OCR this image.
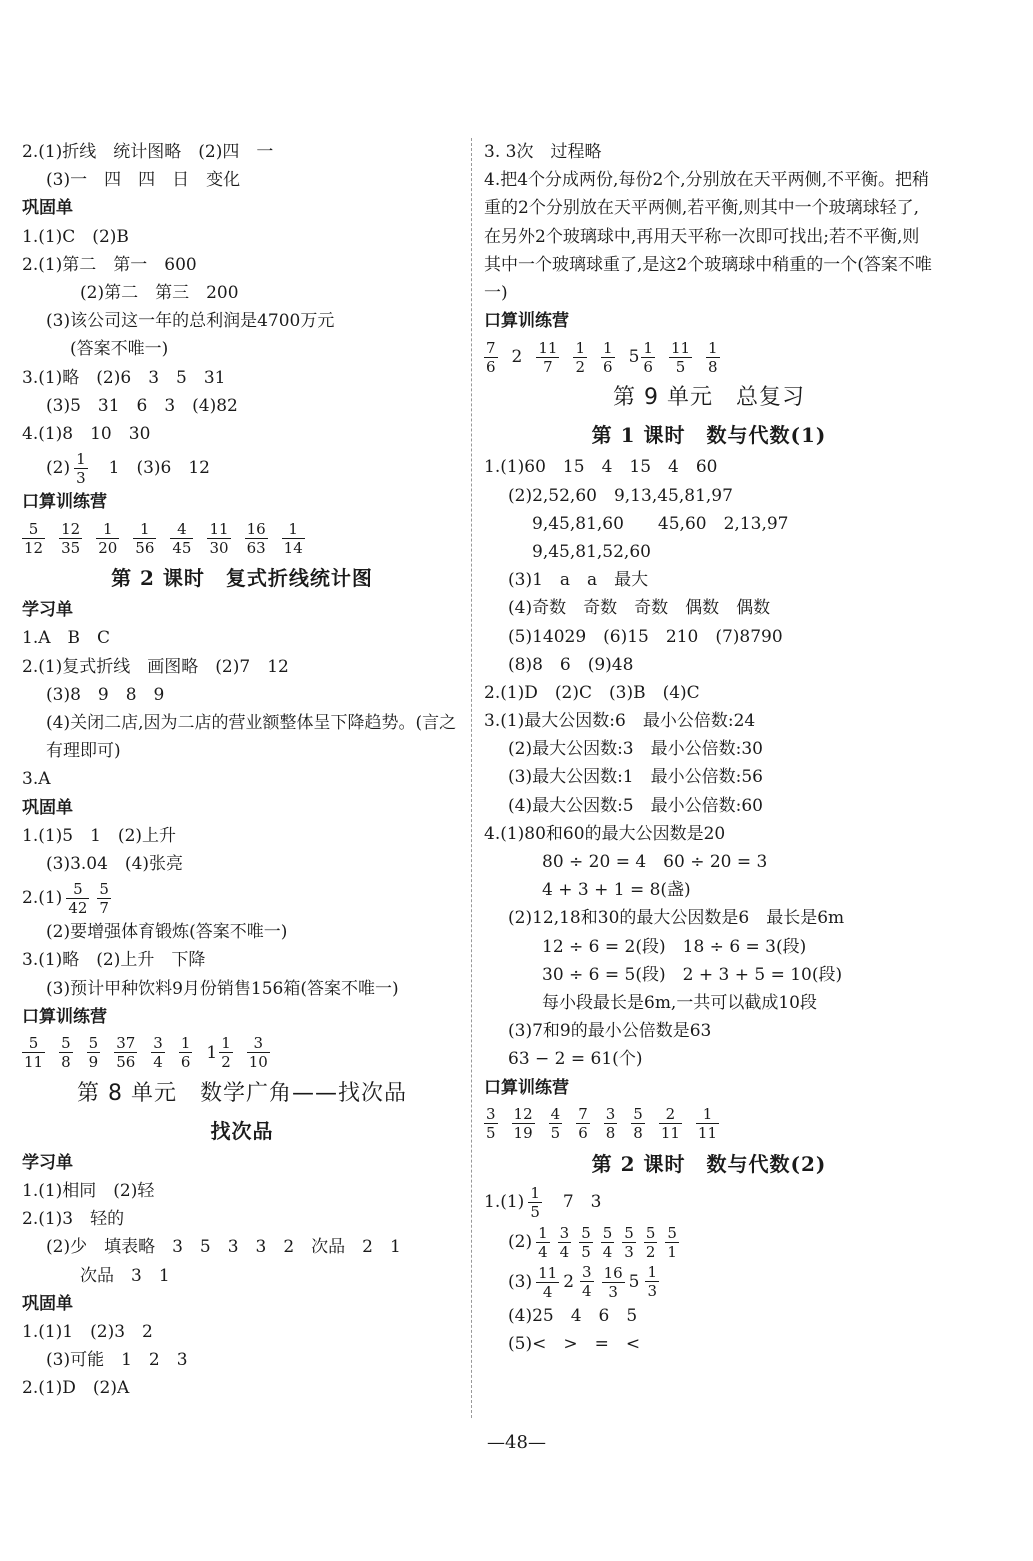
2.(1)折线　统计图略　(2)四　一
(3)一　四　四　日　变化
巩固单
1.(1)C　(2)B
2.(1)第二　第一　600
(2)第二　第三　200
(3)该公司这一年的总利润是4700万元
(答案不唯一)
3.(1)略　(2)6　3　5　31
(3)5　31　6　3　(4)82
4.(1)8　10　30
$(2) \frac{1}{3}$ 　1　(3)6　12
口算训练营
$\frac{5}{12} \frac{12}{35} \frac{1}{20} \frac{1}{56} \frac{4}{45} \frac{11}{30} \frac{16}{63} \frac{1}{14}$
第 2 课时　复式折线统计图
学习单
1.A　B　C
2.(1)复式折线　画图略　(2)7　12
(3)8　9　8　9
(4)关闭二店,因为二店的营业额整体呈下降趋势。(言之有理即可)
3.A
巩固单
1.(1)5　1　(2)上升
(3)3.04　(4)张亮
$2.(1) \frac{5}{42} \frac{5}{7}$
(2)要增强体育锻炼(答案不唯一)
3.(1)略　(2)上升　下降
(3)预计甲种饮料9月份销售156箱(答案不唯一)
口算训练营
$\frac{5}{11} \frac{5}{8} \frac{5}{9} \frac{37}{56} \frac{3}{4} \frac{1}{6} 1 \frac{1}{2} \frac{3}{10}$
第 8 单元　数学广角——找次品
找次品
学习单
1.(1)相同　(2)轻
2.(1)3　轻的
(2)少　填表略　3　5　3　3　2　次品　2　1
次品　3　1
巩固单
1.(1)1　(2)3　2
(3)可能　1　2　3
2.(1)D　(2)A
3. 3次　过程略
4.把4个分成两份,每份2个,分别放在天平两侧,不平衡。把稍重的2个分别放在天平两侧,若平衡,则其中一个玻璃球轻了,在另外2个玻璃球中,再用天平称一次即可找出;若不平衡,则其中一个玻璃球重了,是这2个玻璃球中稍重的一个(答案不唯一)
口算训练营
$\frac{7}{6} 2 \frac{11}{7} \frac{1}{2} \frac{1}{6} 5 \frac{1}{6} \frac{11}{5} \frac{1}{8}$
第 9 单元　总复习
第 1 课时　数与代数(1)
1.(1)60　15　4　15　4　60
(2)2,52,60　9,13,45,81,97
9,45,81,60　　45,60　2,13,97
9,45,81,52,60
(3)1　a　a　最大
(4)奇数　奇数　奇数　偶数　偶数
(5)14029　(6)15　210　(7)8790
(8)8　6　(9)48
2.(1)D　(2)C　(3)B　(4)C
3.(1)最大公因数:6　最小公倍数:24
(2)最大公因数:3　最小公倍数:30
(3)最大公因数:1　最小公倍数:56
(4)最大公因数:5　最小公倍数:60
4.(1)80和60的最大公因数是20
80 ÷ 20 = 4　60 ÷ 20 = 3
4 + 3 + 1 = 8(盏)
(2)12,18和30的最大公因数是6　最长是6m
12 ÷ 6 = 2(段)　18 ÷ 6 = 3(段)
30 ÷ 6 = 5(段)　2 + 3 + 5 = 10(段)
每小段最长是6m,一共可以截成10段
(3)7和9的最小公倍数是63
63 − 2 = 61(个)
口算训练营
$\frac{3}{5} \frac{12}{19} \frac{4}{5} \frac{7}{6} \frac{3}{8} \frac{5}{8} \frac{2}{11} \frac{1}{11}$
第 2 课时　数与代数(2)
$1.(1) \frac{1}{5}$ 　7　3
$(2) \frac{1}{4} \frac{3}{4} \frac{5}{5} \frac{5}{4} \frac{5}{3} \frac{5}{2} \frac{5}{1}$
$(3) \frac{11}{4} 2 \frac{3}{4} \frac{16}{3} 5 \frac{1}{3}$
(4)25　4　6　5
(5)<　>　=　<
—48—
